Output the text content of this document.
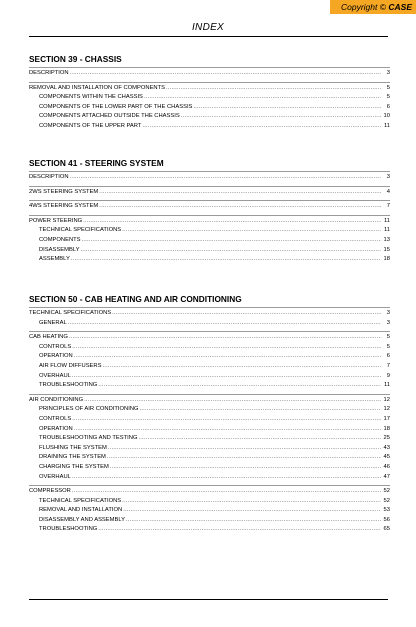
Copyright © CASE
INDEX
SECTION 39 - CHASSIS
DESCRIPTION .....	3
REMOVAL AND INSTALLATION OF COMPONENTS .....	5
COMPONENTS WITHIN THE CHASSIS .....	5
COMPONENTS OF THE LOWER PART OF THE CHASSIS .....	6
COMPONENTS ATTACHED OUTSIDE THE CHASSIS .....	10
COMPONENTS OF THE UPPER PART .....	11
SECTION 41 - STEERING SYSTEM
DESCRIPTION .....	3
2WS STEERING SYSTEM .....	4
4WS STEERING SYSTEM .....	7
POWER STEERING .....	11
TECHNICAL SPECIFICATIONS .....	11
COMPONENTS .....	13
DISASSEMBLY .....	15
ASSEMBLY .....	18
SECTION 50 - CAB HEATING AND AIR CONDITIONING
TECHNICAL SPECIFICATIONS .....	3
GENERAL .....	3
CAB HEATING .....	5
CONTROLS .....	5
OPERATION .....	6
AIR FLOW DIFFUSERS .....	7
OVERHAUL .....	9
TROUBLESHOOTING .....	11
AIR CONDITIONING .....	12
PRINCIPLES OF AIR CONDITIONING .....	12
CONTROLS .....	17
OPERATION .....	18
TROUBLESHOOTING AND TESTING .....	25
FLUSHING THE SYSTEM .....	43
DRAINING THE SYSTEM .....	45
CHARGING THE SYSTEM .....	46
OVERHAUL .....	47
COMPRESSOR .....	52
TECHNICAL SPECIFICATIONS .....	52
REMOVAL AND INSTALLATION .....	53
DISASSEMBLY AND ASSEMBLY .....	56
TROUBLESHOOTING .....	65
